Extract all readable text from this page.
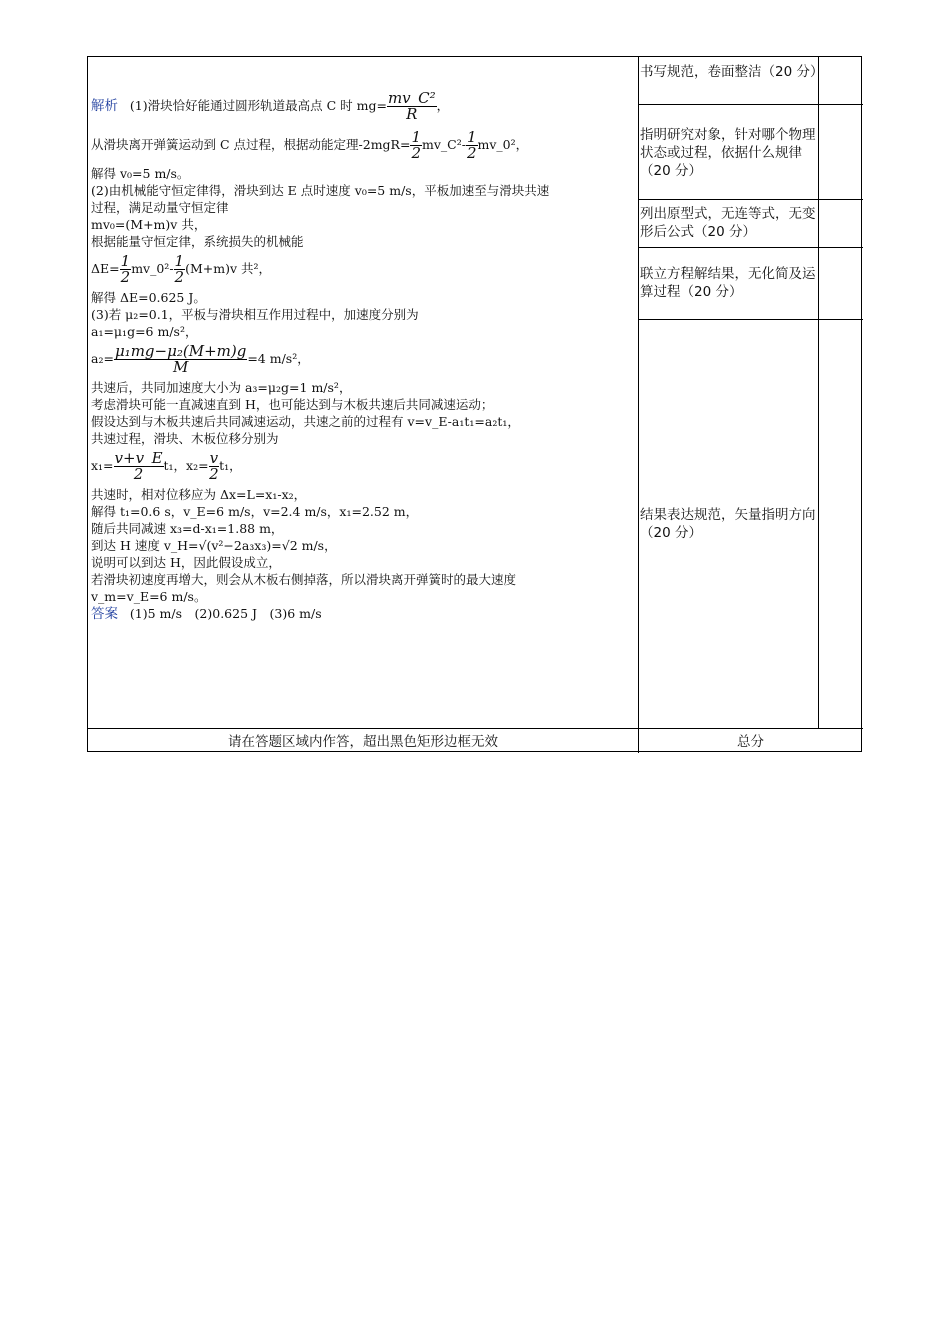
书写规范，卷面整洁（20 分）
指明研究对象，针对哪个物理状态或过程，依据什么规律（20 分）
列出原型式，无连等式，无变形后公式（20 分）
联立方程解结果，无化简及运算过程（20 分）
结果表达规范，矢量指明方向（20 分）
解析 (1)滑块恰好能通过圆形轨道最高点 C 时 $mg= \frac{\text{mv\_C²}}{R}$ ，
从滑块离开弹簧运动到 C 点过程，根据动能定理$-2mgR= \frac{1}{2}$ mv_C²- $\frac{1}{2}$ mv_0²，
解得 v₀=5 m/s。
(2)由机械能守恒定律得，滑块到达 E 点时速度 v₀=5 m/s，平板加速至与滑块共速
过程，满足动量守恒定律
mv₀=(M+m)v 共，
根据能量守恒定律，系统损失的机械能
$\Delta E= \frac{1}{2}$ mv_0²- $\frac{1}{2} (M+m)v$ 共²，
解得 ΔE=0.625 J。
(3)若 μ₂=0.1，平板与滑块相互作用过程中，加速度分别为
a₁=μ₁g=6 m/s²，
$a_2= \frac{\text{μ₁mg−μ₂(M+m)g}}{M} =4$ m/s²，
共速后，共同加速度大小为 a₃=μ₂g=1 m/s²，
考虑滑块可能一直减速直到 H，也可能达到与木板共速后共同减速运动；
假设达到与木板共速后共同减速运动，共速之前的过程有 v=v_E-a₁t₁=a₂t₁，
共速过程，滑块、木板位移分别为
$x_1= \frac{v+v\_E}{2} t_1$，$x_2= \frac{v}{2} t_1$，
共速时，相对位移应为 Δx=L=x₁-x₂，
解得 t₁=0.6 s，v_E=6 m/s，v=2.4 m/s，x₁=2.52 m，
随后共同减速 x₃=d-x₁=1.88 m，
到达 H 速度 v_H=√(v²−2a₃x₃)=√2 m/s，
说明可以到达 H，因此假设成立，
若滑块初速度再增大，则会从木板右侧掉落，所以滑块离开弹簧时的最大速度
v_m=v_E=6 m/s。
答案 (1)5 m/s　(2)0.625 J　(3)6 m/s
请在答题区域内作答，超出黑色矩形边框无效	总分
